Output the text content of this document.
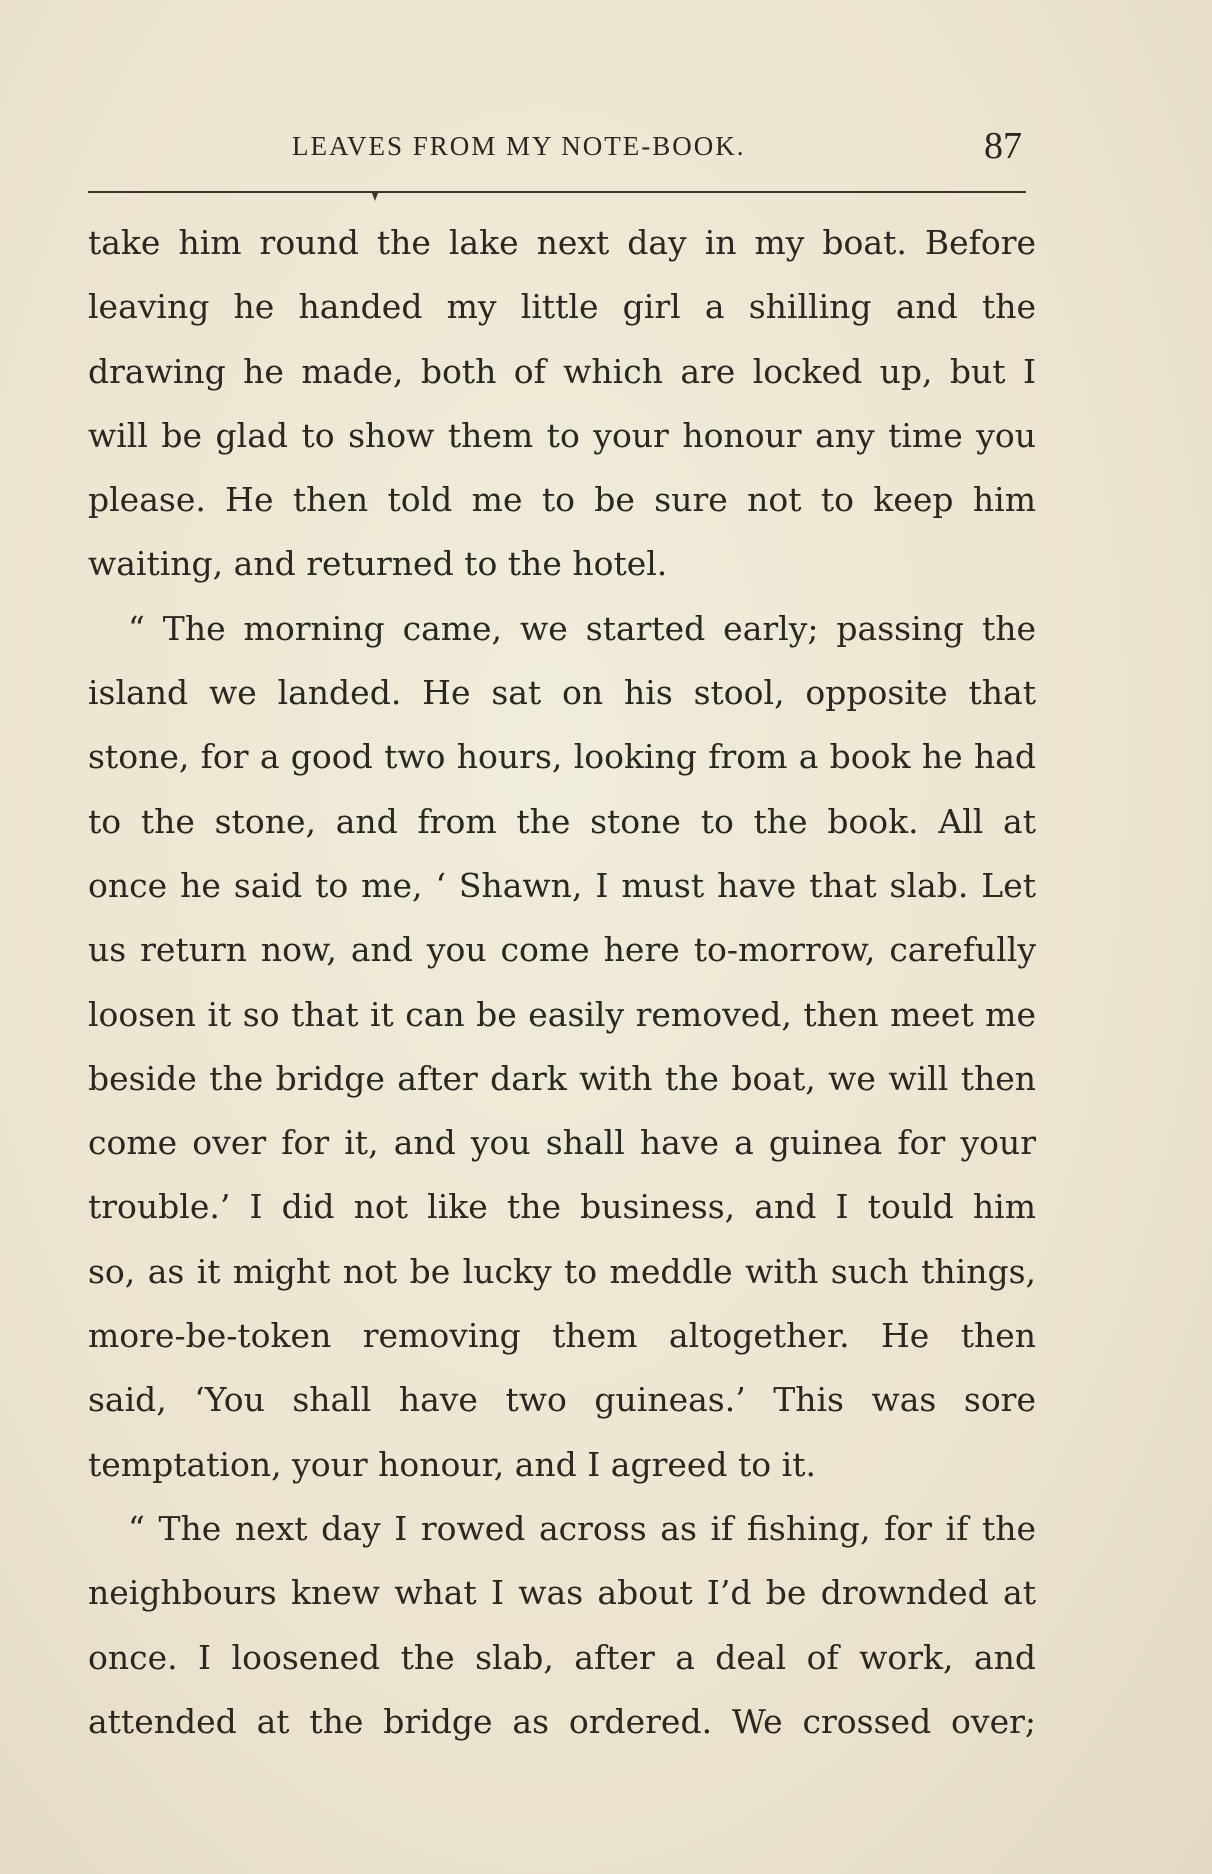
LEAVES FROM MY NOTE-BOOK.	87
take him round the lake next day in my boat. Before
leaving he handed my little girl a shilling and the
drawing he made, both of which are locked up, but I
will be glad to show them to your honour any time you
please. He then told me to be sure not to keep him
waiting, and returned to the hotel.
“ The morning came, we started early; passing the
island we landed. He sat on his stool, opposite that
stone, for a good two hours, looking from a book he had
to the stone, and from the stone to the book. All at
once he said to me, ‘ Shawn, I must have that slab. Let
us return now, and you come here to-morrow, carefully
loosen it so that it can be easily removed, then meet me
beside the bridge after dark with the boat, we will then
come over for it, and you shall have a guinea for your
trouble.’ I did not like the business, and I tould him
so, as it might not be lucky to meddle with such things,
more-be-token removing them altogether. He then
said, ‘You shall have two guineas.’ This was sore
temptation, your honour, and I agreed to it.
“ The next day I rowed across as if fishing, for if the
neighbours knew what I was about I’d be drownded at
once. I loosened the slab, after a deal of work, and
attended at the bridge as ordered. We crossed over;
